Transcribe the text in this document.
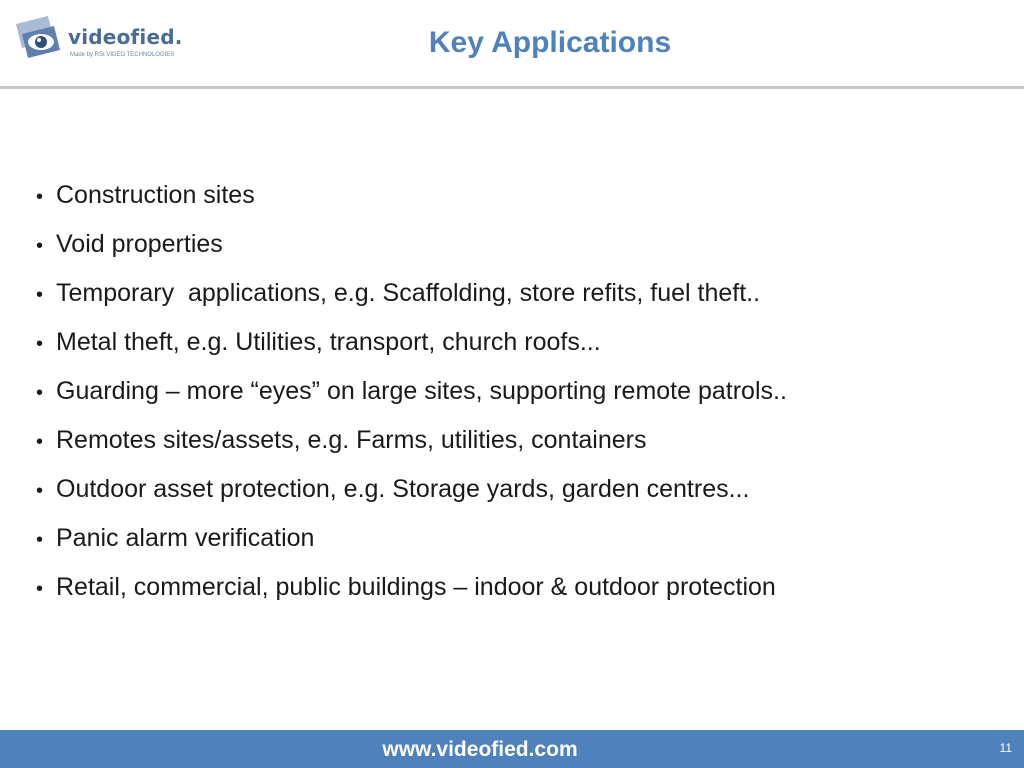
videofied.
Made by RSI VIDEO TECHNOLOGIES	Key Applications
• Construction sites
• Void properties
• Temporary  applications, e.g. Scaffolding, store refits, fuel theft..
• Metal theft, e.g. Utilities, transport, church roofs...
• Guarding – more “eyes” on large sites, supporting remote patrols..
• Remotes sites/assets, e.g. Farms, utilities, containers
• Outdoor asset protection, e.g. Storage yards, garden centres...
• Panic alarm verification
• Retail, commercial, public buildings – indoor & outdoor protection
www.videofied.com	11
